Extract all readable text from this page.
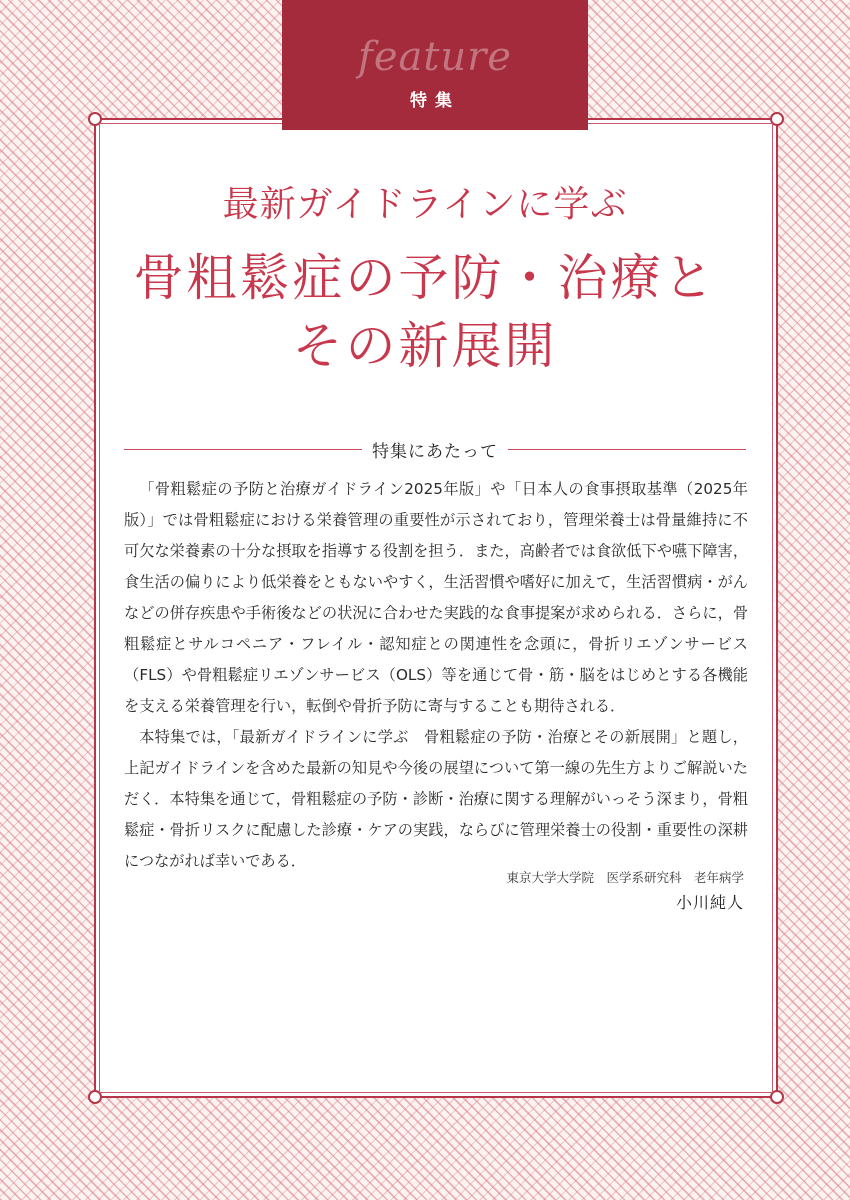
feature
特集
最新ガイドラインに学ぶ
骨粗鬆症の予防・治療と
その新展開
特集にあたって

「骨粗鬆症の予防と治療ガイドライン2025年版」や「日本人の食事摂取基準（2025年版）」では骨粗鬆症における栄養管理の重要性が示されており，管理栄養士は骨量維持に不可欠な栄養素の十分な摂取を指導する役割を担う．また，高齢者では食欲低下や嚥下障害，食生活の偏りにより低栄養をともないやすく，生活習慣や嗜好に加えて，生活習慣病・がんなどの併存疾患や手術後などの状況に合わせた実践的な食事提案が求められる．さらに，骨粗鬆症とサルコペニア・フレイル・認知症との関連性を念頭に，骨折リエゾンサービス（FLS）や骨粗鬆症リエゾンサービス（OLS）等を通じて骨・筋・脳をはじめとする各機能を支える栄養管理を行い，転倒や骨折予防に寄与することも期待される．

本特集では，「最新ガイドラインに学ぶ　骨粗鬆症の予防・治療とその新展開」と題し，上記ガイドラインを含めた最新の知見や今後の展望について第一線の先生方よりご解説いただく．本特集を通じて，骨粗鬆症の予防・診断・治療に関する理解がいっそう深まり，骨粗鬆症・骨折リスクに配慮した診療・ケアの実践，ならびに管理栄養士の役割・重要性の深耕につながれば幸いである．

東京大学大学院　医学系研究科　老年病学
小川純人
